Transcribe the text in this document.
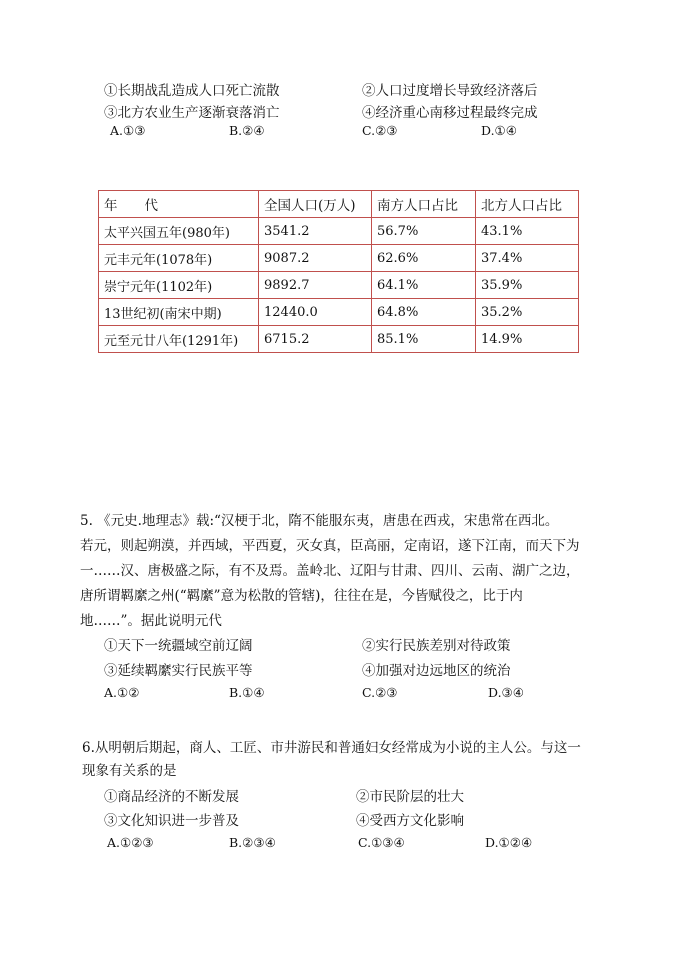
①长期战乱造成人口死亡流散	②人口过度增长导致经济落后
③北方农业生产逐渐衰落消亡	④经济重心南移过程最终完成
A.①③	B.②④	C.②③	D.①④
年　　代	全国人口(万人)	南方人口占比	北方人口占比
太平兴国五年(980年)	3541.2	56.7%	43.1%
元丰元年(1078年)	9087.2	62.6%	37.4%
崇宁元年(1102年)	9892.7	64.1%	35.9%
13世纪初(南宋中期)	12440.0	64.8%	35.2%
元至元廿八年(1291年)	6715.2	85.1%	14.9%
5. 《元史.地理志》载:“汉梗于北，隋不能服东夷，唐患在西戎，宋患常在西北。
若元，则起朔漠，并西域，平西夏，灭女真，臣高丽，定南诏，遂下江南，而天下为
一……汉、唐极盛之际，有不及焉。盖岭北、辽阳与甘肃、四川、云南、湖广之边，
唐所谓羁縻之州(“羁縻”意为松散的管辖)，往往在是，今皆赋役之，比于内
地……”。据此说明元代
①天下一统疆域空前辽阔	②实行民族差别对待政策
③延续羁縻实行民族平等	④加强对边远地区的统治
A.①②	B.①④	C.②③	D.③④
6.从明朝后期起，商人、工匠、市井游民和普通妇女经常成为小说的主人公。与这一
现象有关系的是
①商品经济的不断发展	②市民阶层的壮大
③文化知识进一步普及	④受西方文化影响
A.①②③	B.②③④	C.①③④	D.①②④
